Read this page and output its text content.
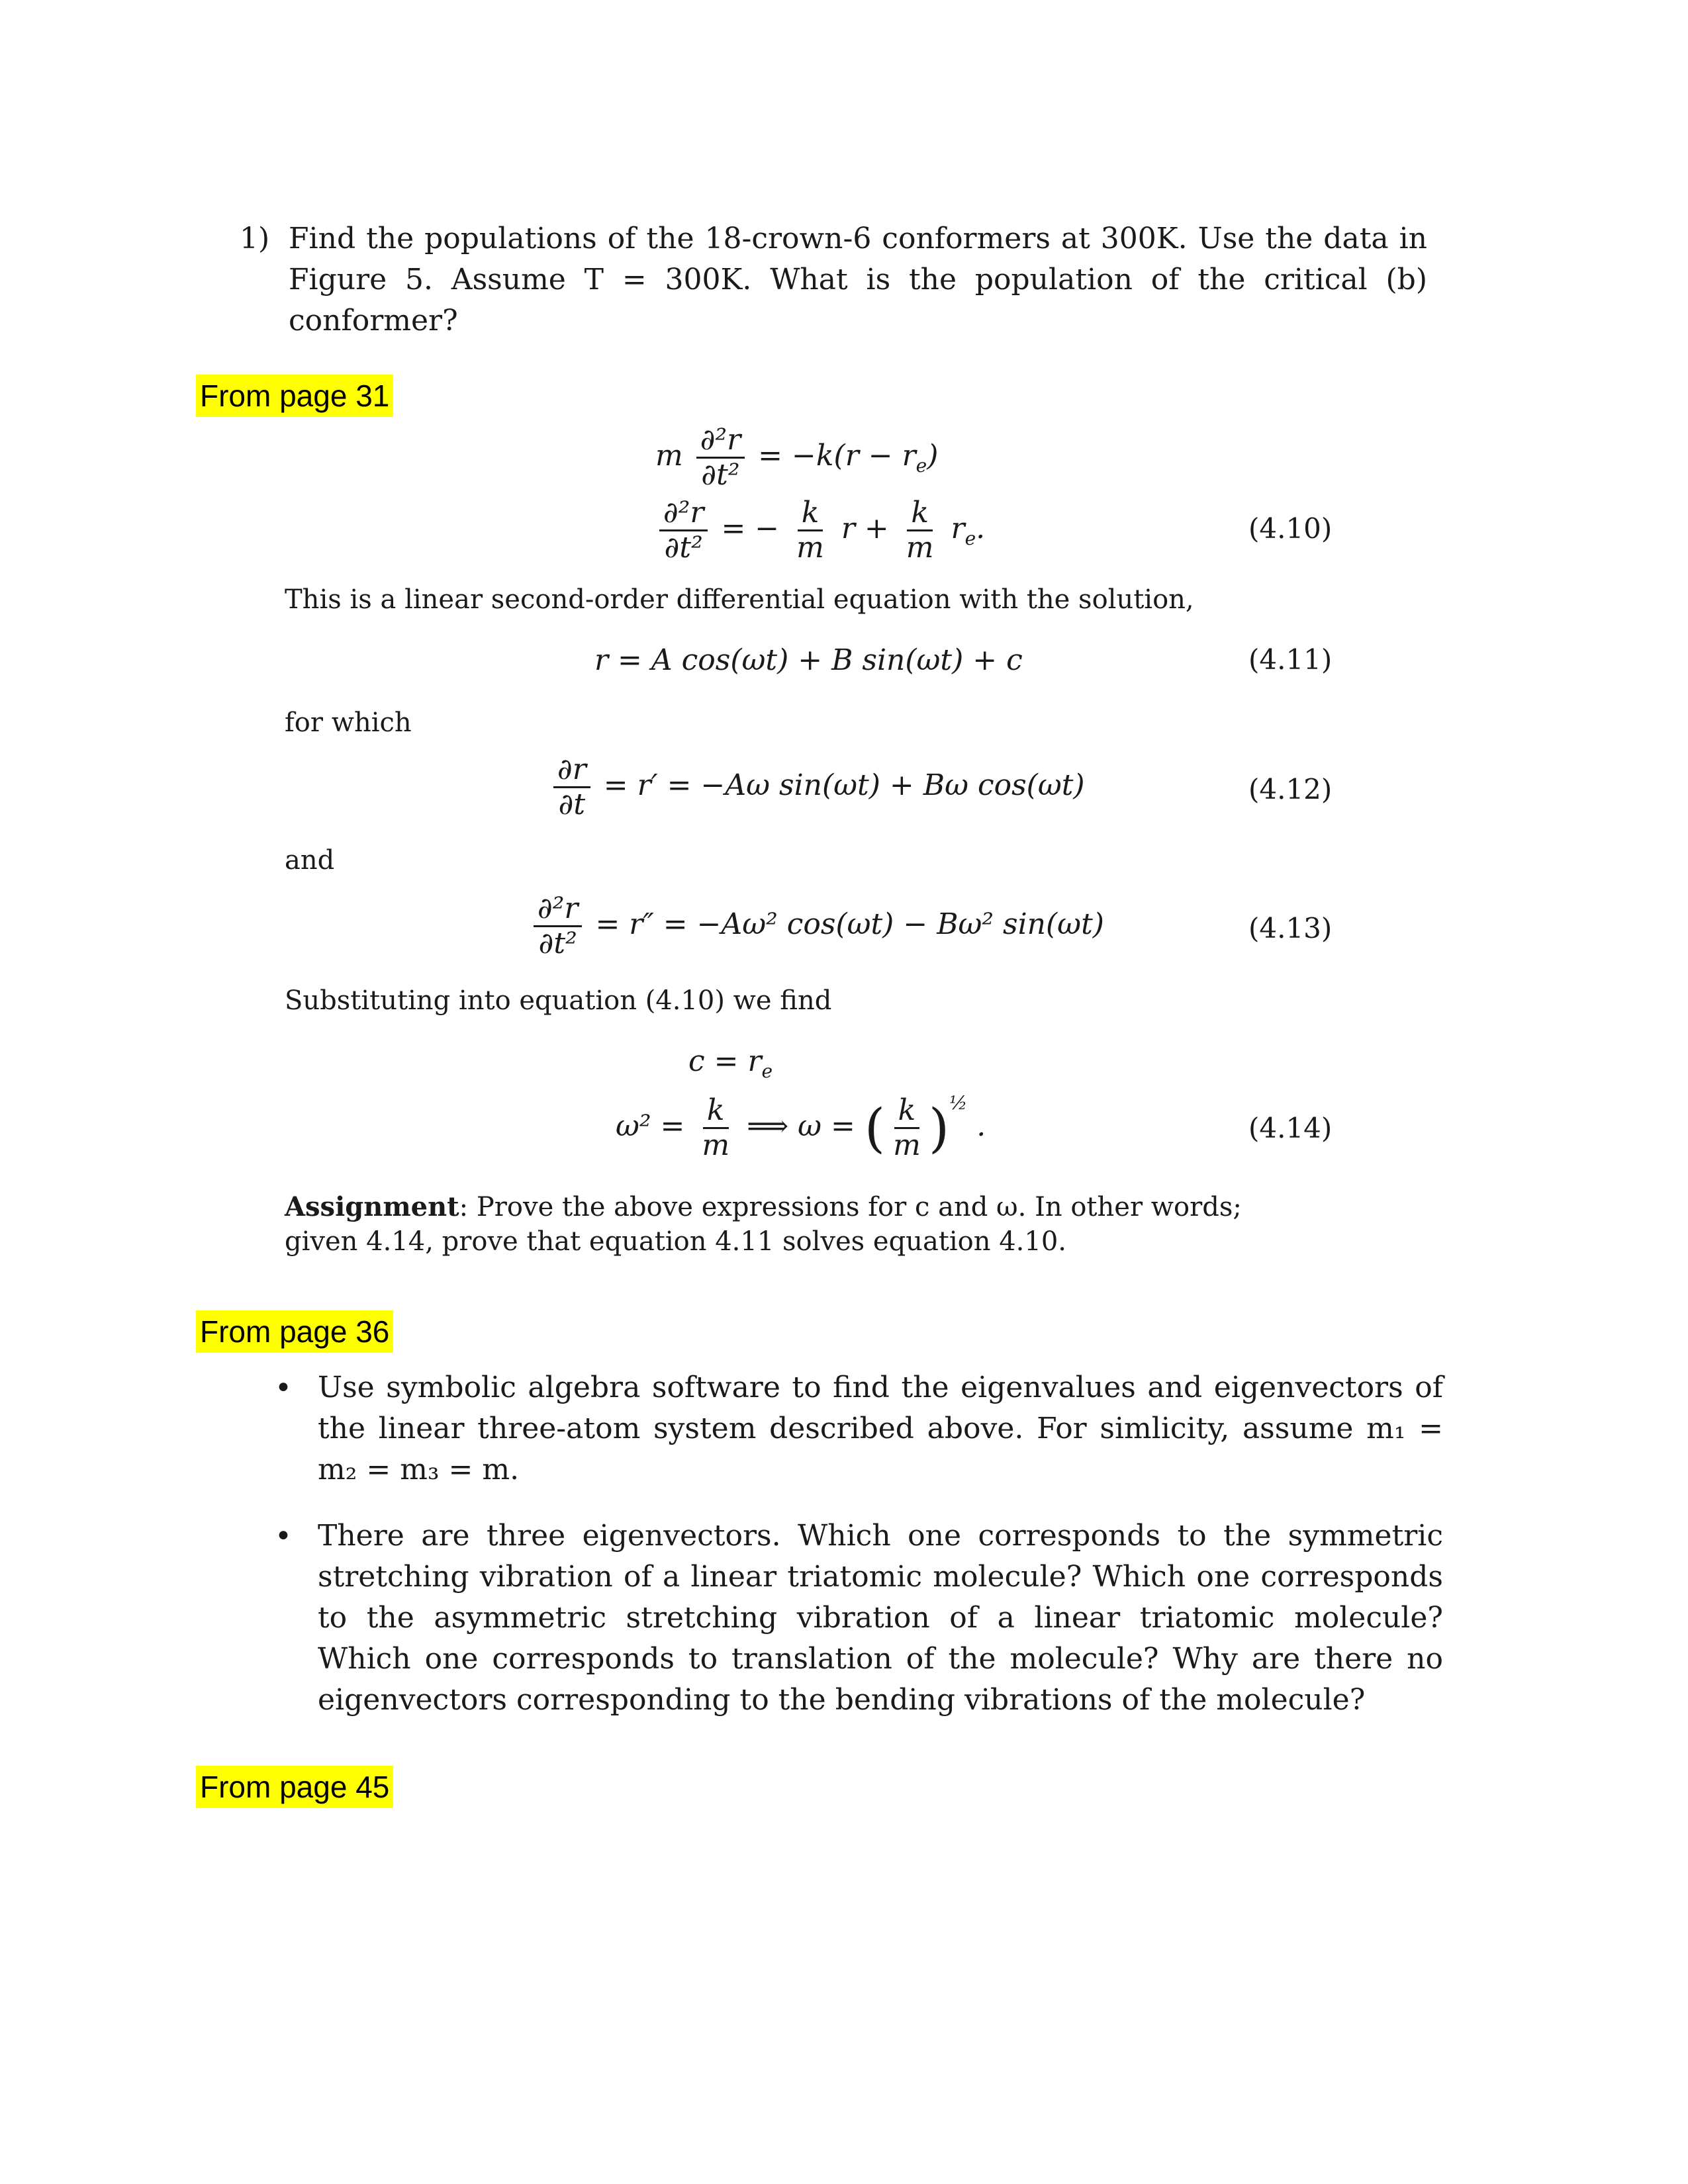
1) Find the populations of the 18-crown-6 conformers at 300K. Use the data in Figure 5. Assume T = 300K. What is the population of the critical (b) conformer?
From page 31
m $\frac{\text{∂²r}}{\text{∂t²}} = -k(r - r_e)$
$\frac{\text{∂²r}}{\text{∂t²}}$ = − $\frac{k}{m}$ $r + \frac{k}{m} r_e$.	(4.10)
This is a linear second-order differential equation with the solution,
r = A cos(ωt) + B sin(ωt) + c	(4.11)
for which
$\frac{\partial r}{\partial t} = r' = -A\omega$ sin(ωt) + Bω cos(ωt)	(4.12)
and
$\frac{\text{∂²r}}{\text{∂t²}} = r'' = -A\omega^2$ cos(ωt) − Bω² sin(ωt)	(4.13)
Substituting into equation (4.10) we find
$c = r_e$
$\omega^2 = \frac{k}{m}$ ⟹ ω = ( $\frac{k}{m} )^{\frac{1}{2}}$ .	(4.14)
Assignment: Prove the above expressions for c and ω. In other words; given 4.14, prove that equation 4.11 solves equation 4.10.
From page 36
• Use symbolic algebra software to find the eigenvalues and eigenvectors of the linear three-atom system described above. For simlicity, assume m₁ = m₂ = m₃ = m.
• There are three eigenvectors. Which one corresponds to the symmetric stretching vibration of a linear triatomic molecule? Which one corresponds to the asymmetric stretching vibration of a linear triatomic molecule? Which one corresponds to translation of the molecule? Why are there no eigenvectors corresponding to the bending vibrations of the molecule?
From page 45
